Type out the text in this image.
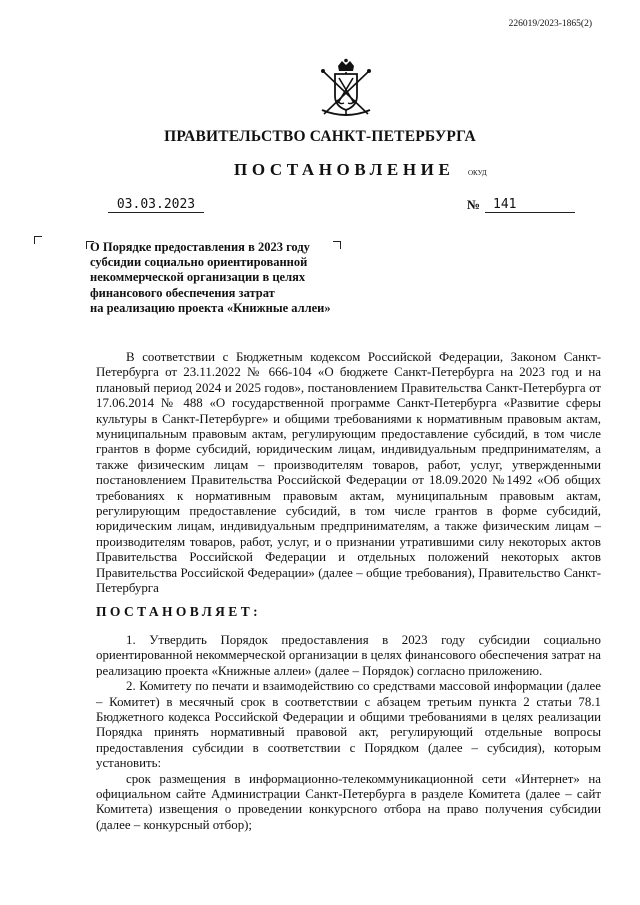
226019/2023-1865(2)
ПРАВИТЕЛЬСТВО САНКТ-ПЕТЕРБУРГА
ПОСТАНОВЛЕНИЕ ОКУД
03.03.2023	№ 141
О Порядке предоставления в 2023 году
субсидии социально ориентированной
некоммерческой организации в целях
финансового обеспечения затрат
на реализацию проекта «Книжные аллеи»

В соответствии с Бюджетным кодексом Российской Федерации, Законом Санкт-Петербурга от 23.11.2022 № 666-104 «О бюджете Санкт-Петербурга на 2023 год и на плановый период 2024 и 2025 годов», постановлением Правительства Санкт-Петербурга от 17.06.2014 № 488 «О государственной программе Санкт-Петербурга «Развитие сферы культуры в Санкт-Петербурге» и общими требованиями к нормативным правовым актам, муниципальным правовым актам, регулирующим предоставление субсидий, в том числе грантов в форме субсидий, юридическим лицам, индивидуальным предпринимателям, а также физическим лицам – производителям товаров, работ, услуг, утвержденными постановлением Правительства Российской Федерации от 18.09.2020 №1492 «Об общих требованиях к нормативным правовым актам, муниципальным правовым актам, регулирующим предоставление субсидий, в том числе грантов в форме субсидий, юридическим лицам, индивидуальным предпринимателям, а также физическим лицам – производителям товаров, работ, услуг, и о признании утратившими силу некоторых актов Правительства Российской Федерации и отдельных положений некоторых актов Правительства Российской Федерации» (далее – общие требования), Правительство Санкт-Петербурга

ПОСТАНОВЛЯЕТ:

1. Утвердить Порядок предоставления в 2023 году субсидии социально ориентированной некоммерческой организации в целях финансового обеспечения затрат на реализацию проекта «Книжные аллеи» (далее – Порядок) согласно приложению.

2. Комитету по печати и взаимодействию со средствами массовой информации (далее – Комитет) в месячный срок в соответствии с абзацем третьим пункта 2 статьи 78.1 Бюджетного кодекса Российской Федерации и общими требованиями в целях реализации Порядка принять нормативный правовой акт, регулирующий отдельные вопросы предоставления субсидии в соответствии с Порядком (далее – субсидия), которым установить:

срок размещения в информационно-телекоммуникационной сети «Интернет» на официальном сайте Администрации Санкт-Петербурга в разделе Комитета (далее – сайт Комитета) извещения о проведении конкурсного отбора на право получения субсидии (далее – конкурсный отбор);
